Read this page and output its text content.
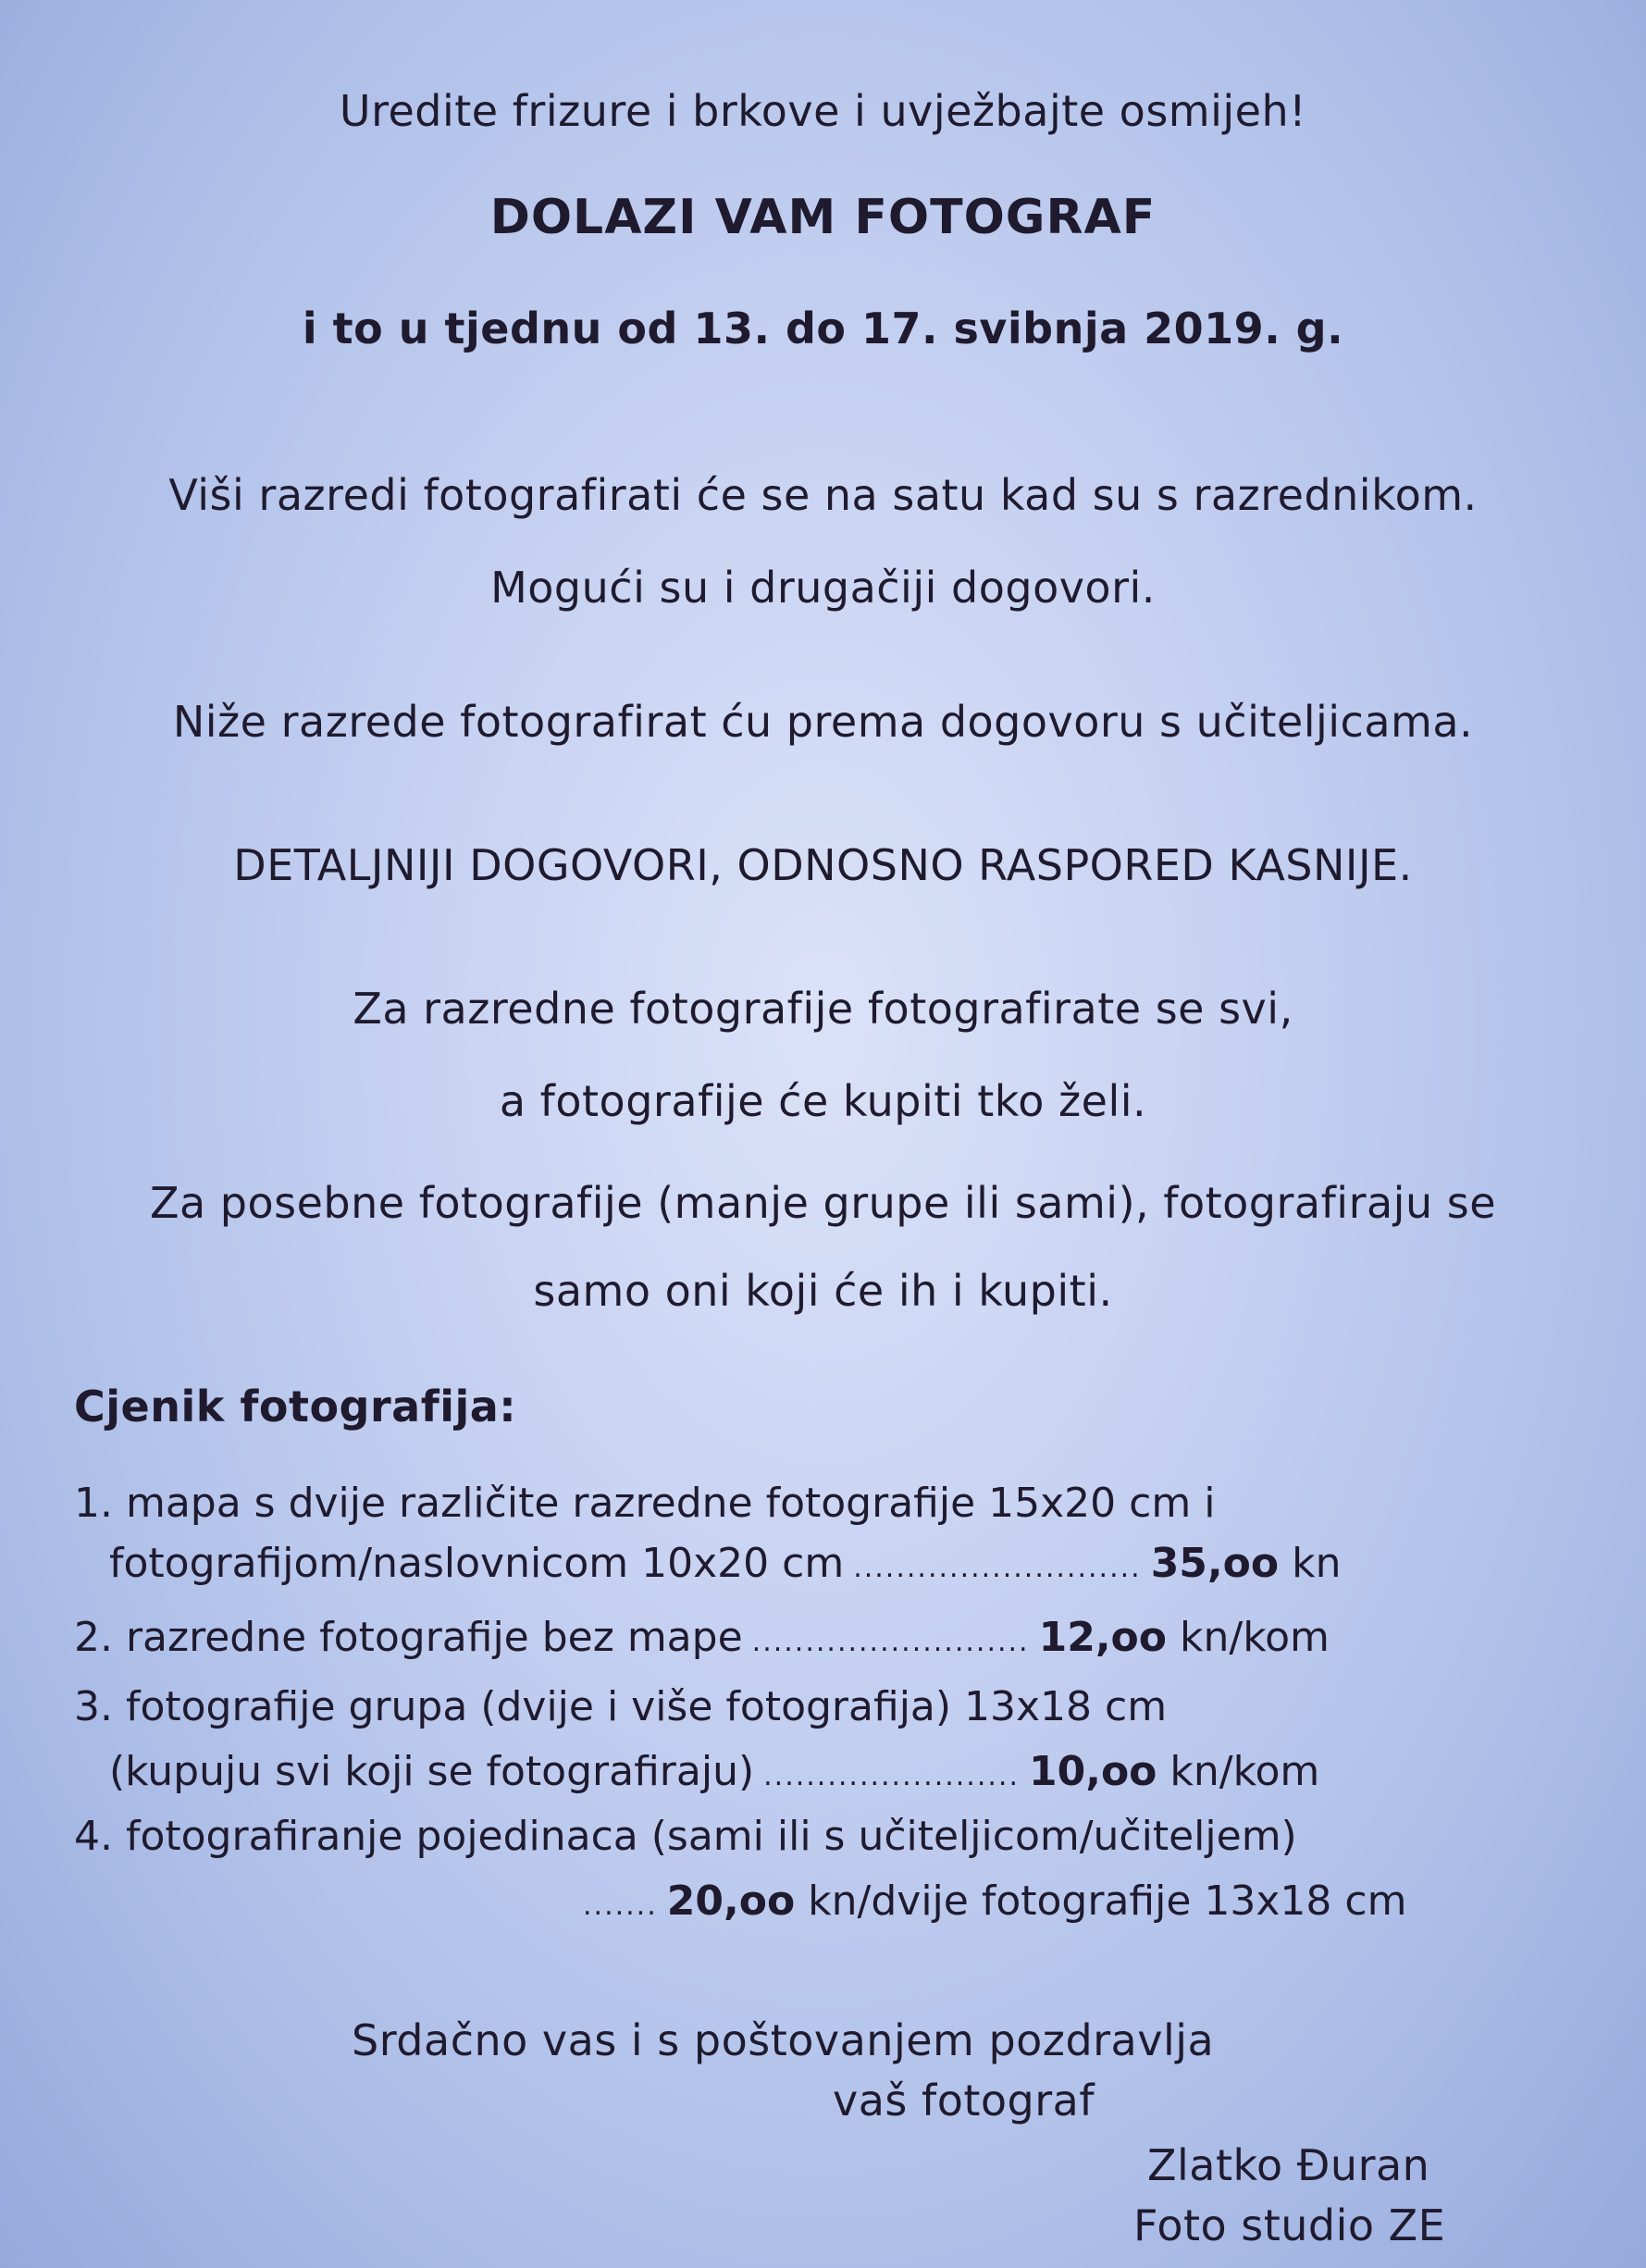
Uredite frizure i brkove i uvježbajte osmijeh!
DOLAZI VAM FOTOGRAF
i to u tjednu od 13. do 17. svibnja 2019. g.
Viši razredi fotografirati će se na satu kad su s razrednikom.
Mogući su i drugačiji dogovori.
Niže razrede fotografirat ću prema dogovoru s učiteljicama.
DETALJNIJI DOGOVORI, ODNOSNO RASPORED KASNIJE.
Za razredne fotografije fotografirate se svi,
a fotografije će kupiti tko želi.
Za posebne fotografije (manje grupe ili sami), fotografiraju se
samo oni koji će ih i kupiti.
Cjenik fotografija:
1. mapa s dvije različite razredne fotografije 15x20 cm i
fotografijom/naslovnicom 10x20 cm ........................... 35,oo
kn
2. razredne fotografije bez mape .......................... 12,oo
kn/kom
3. fotografije grupa (dvije i više fotografija) 13x18 cm
(kupuju svi koji se fotografiraju) ........................ 10,oo
kn/kom
4. fotografiranje pojedinaca (sami ili s učiteljicom/učiteljem)
....... 20,oo
kn/dvije fotografije 13x18 cm
Srdačno vas i s poštovanjem pozdravlja
vaš fotograf
Zlatko Đuran
Foto studio ZE
